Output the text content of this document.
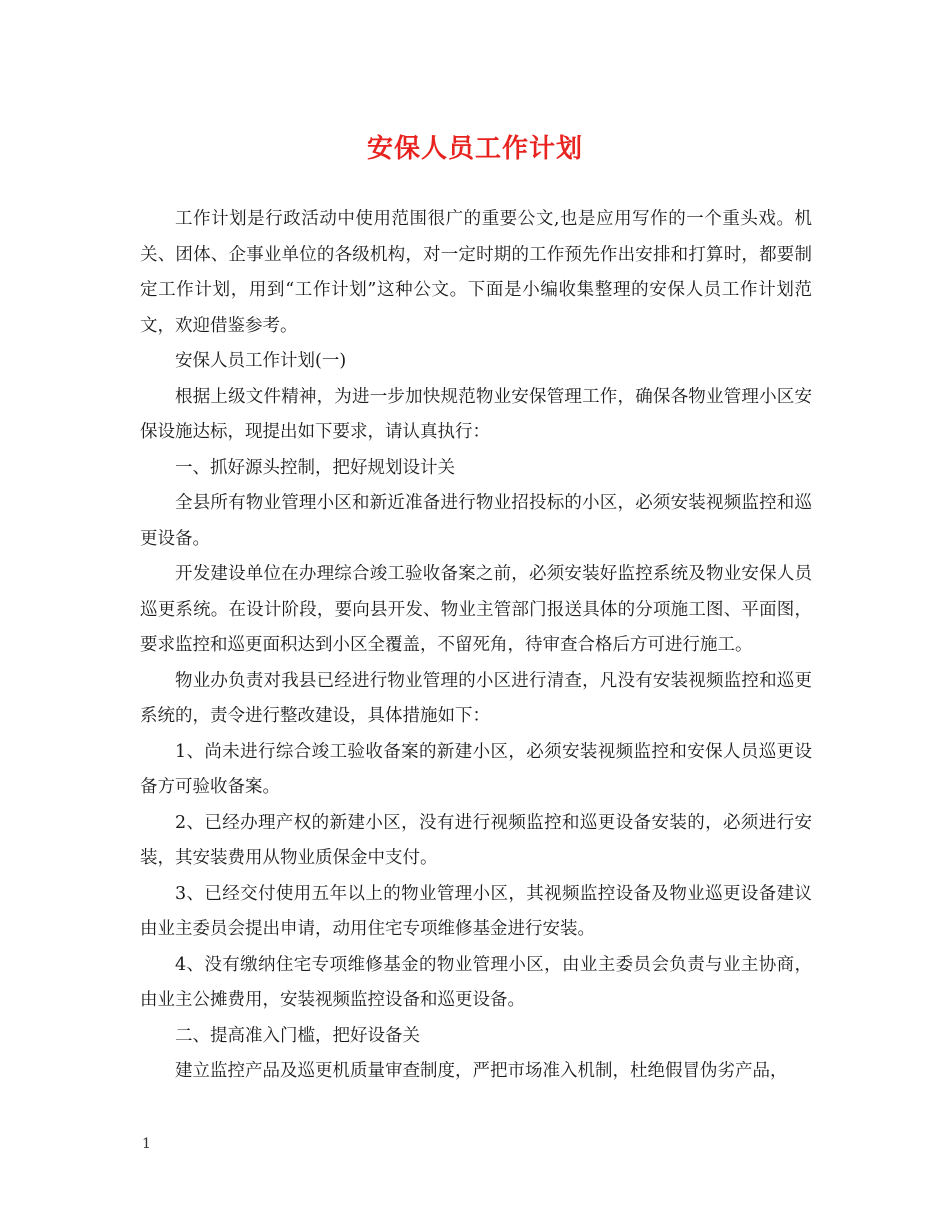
安保人员工作计划

工作计划是行政活动中使用范围很广的重要公文,也是应用写作的一个重头戏。机关、团体、企事业单位的各级机构，对一定时期的工作预先作出安排和打算时，都要制定工作计划，用到“工作计划”这种公文。下面是小编收集整理的安保人员工作计划范文，欢迎借鉴参考。

安保人员工作计划(一)

根据上级文件精神，为进一步加快规范物业安保管理工作，确保各物业管理小区安保设施达标，现提出如下要求，请认真执行：

一、抓好源头控制，把好规划设计关

全县所有物业管理小区和新近准备进行物业招投标的小区，必须安装视频监控和巡更设备。

开发建设单位在办理综合竣工验收备案之前，必须安装好监控系统及物业安保人员巡更系统。在设计阶段，要向县开发、物业主管部门报送具体的分项施工图、平面图，要求监控和巡更面积达到小区全覆盖，不留死角，待审查合格后方可进行施工。

物业办负责对我县已经进行物业管理的小区进行清查，凡没有安装视频监控和巡更系统的，责令进行整改建设，具体措施如下：

1、尚未进行综合竣工验收备案的新建小区，必须安装视频监控和安保人员巡更设备方可验收备案。

2、已经办理产权的新建小区，没有进行视频监控和巡更设备安装的，必须进行安装，其安装费用从物业质保金中支付。

3、已经交付使用五年以上的物业管理小区，其视频监控设备及物业巡更设备建议由业主委员会提出申请，动用住宅专项维修基金进行安装。

4、没有缴纳住宅专项维修基金的物业管理小区，由业主委员会负责与业主协商，由业主公摊费用，安装视频监控设备和巡更设备。

二、提高准入门槛，把好设备关

建立监控产品及巡更机质量审查制度，严把市场准入机制，杜绝假冒伪劣产品，

1
